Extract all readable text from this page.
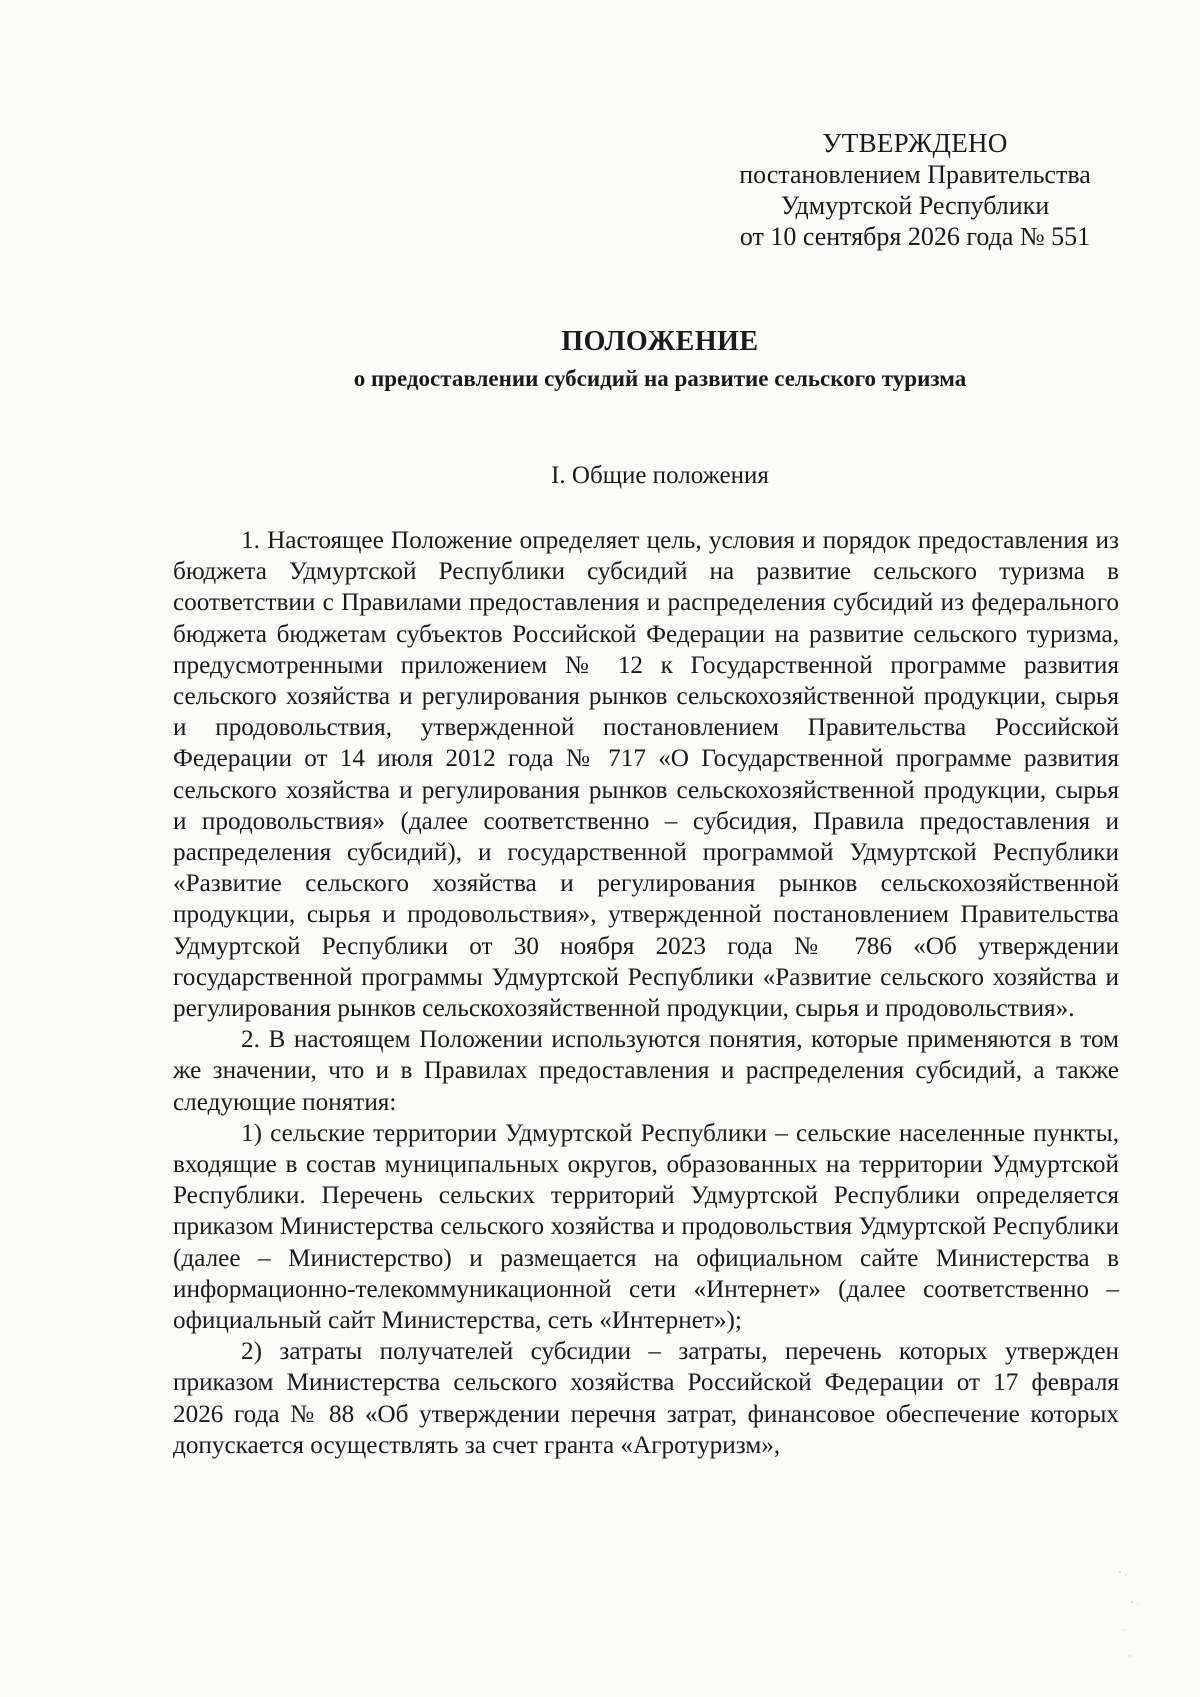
УТВЕРЖДЕНО
постановлением Правительства
Удмуртской Республики
от 10 сентября 2026 года № 551
ПОЛОЖЕНИЕ
о предоставлении субсидий на развитие сельского туризма
I. Общие положения

1. Настоящее Положение определяет цель, условия и порядок предоставления из бюджета Удмуртской Республики субсидий на развитие сельского туризма в соответствии с Правилами предоставления и распределения субсидий из федерального бюджета бюджетам субъектов Российской Федерации на развитие сельского туризма, предусмотренными приложением № 12 к Государственной программе развития сельского хозяйства и регулирования рынков сельскохозяйственной продукции, сырья и продовольствия, утвержденной постановлением Правительства Российской Федерации от 14 июля 2012 года № 717 «О Государственной программе развития сельского хозяйства и регулирования рынков сельскохозяйственной продукции, сырья и продовольствия» (далее соответственно – субсидия, Правила предоставления и распределения субсидий), и государственной программой Удмуртской Республики «Развитие сельского хозяйства и регулирования рынков сельскохозяйственной продукции, сырья и продовольствия», утвержденной постановлением Правительства Удмуртской Республики от 30 ноября 2023 года № 786 «Об утверждении государственной программы Удмуртской Республики «Развитие сельского хозяйства и регулирования рынков сельскохозяйственной продукции, сырья и продовольствия».

2. В настоящем Положении используются понятия, которые применяются в том же значении, что и в Правилах предоставления и распределения субсидий, а также следующие понятия:

1) сельские территории Удмуртской Республики – сельские населенные пункты, входящие в состав муниципальных округов, образованных на территории Удмуртской Республики. Перечень сельских территорий Удмуртской Республики определяется приказом Министерства сельского хозяйства и продовольствия Удмуртской Республики (далее – Министерство) и размещается на официальном сайте Министерства в информационно-телекоммуникационной сети «Интернет» (далее соответственно – официальный сайт Министерства, сеть «Интернет»);

2) затраты получателей субсидии – затраты, перечень которых утвержден приказом Министерства сельского хозяйства Российской Федерации от 17 февраля 2026 года № 88 «Об утверждении перечня затрат, финансовое обеспечение которых допускается осуществлять за счет гранта «Агротуризм»,
